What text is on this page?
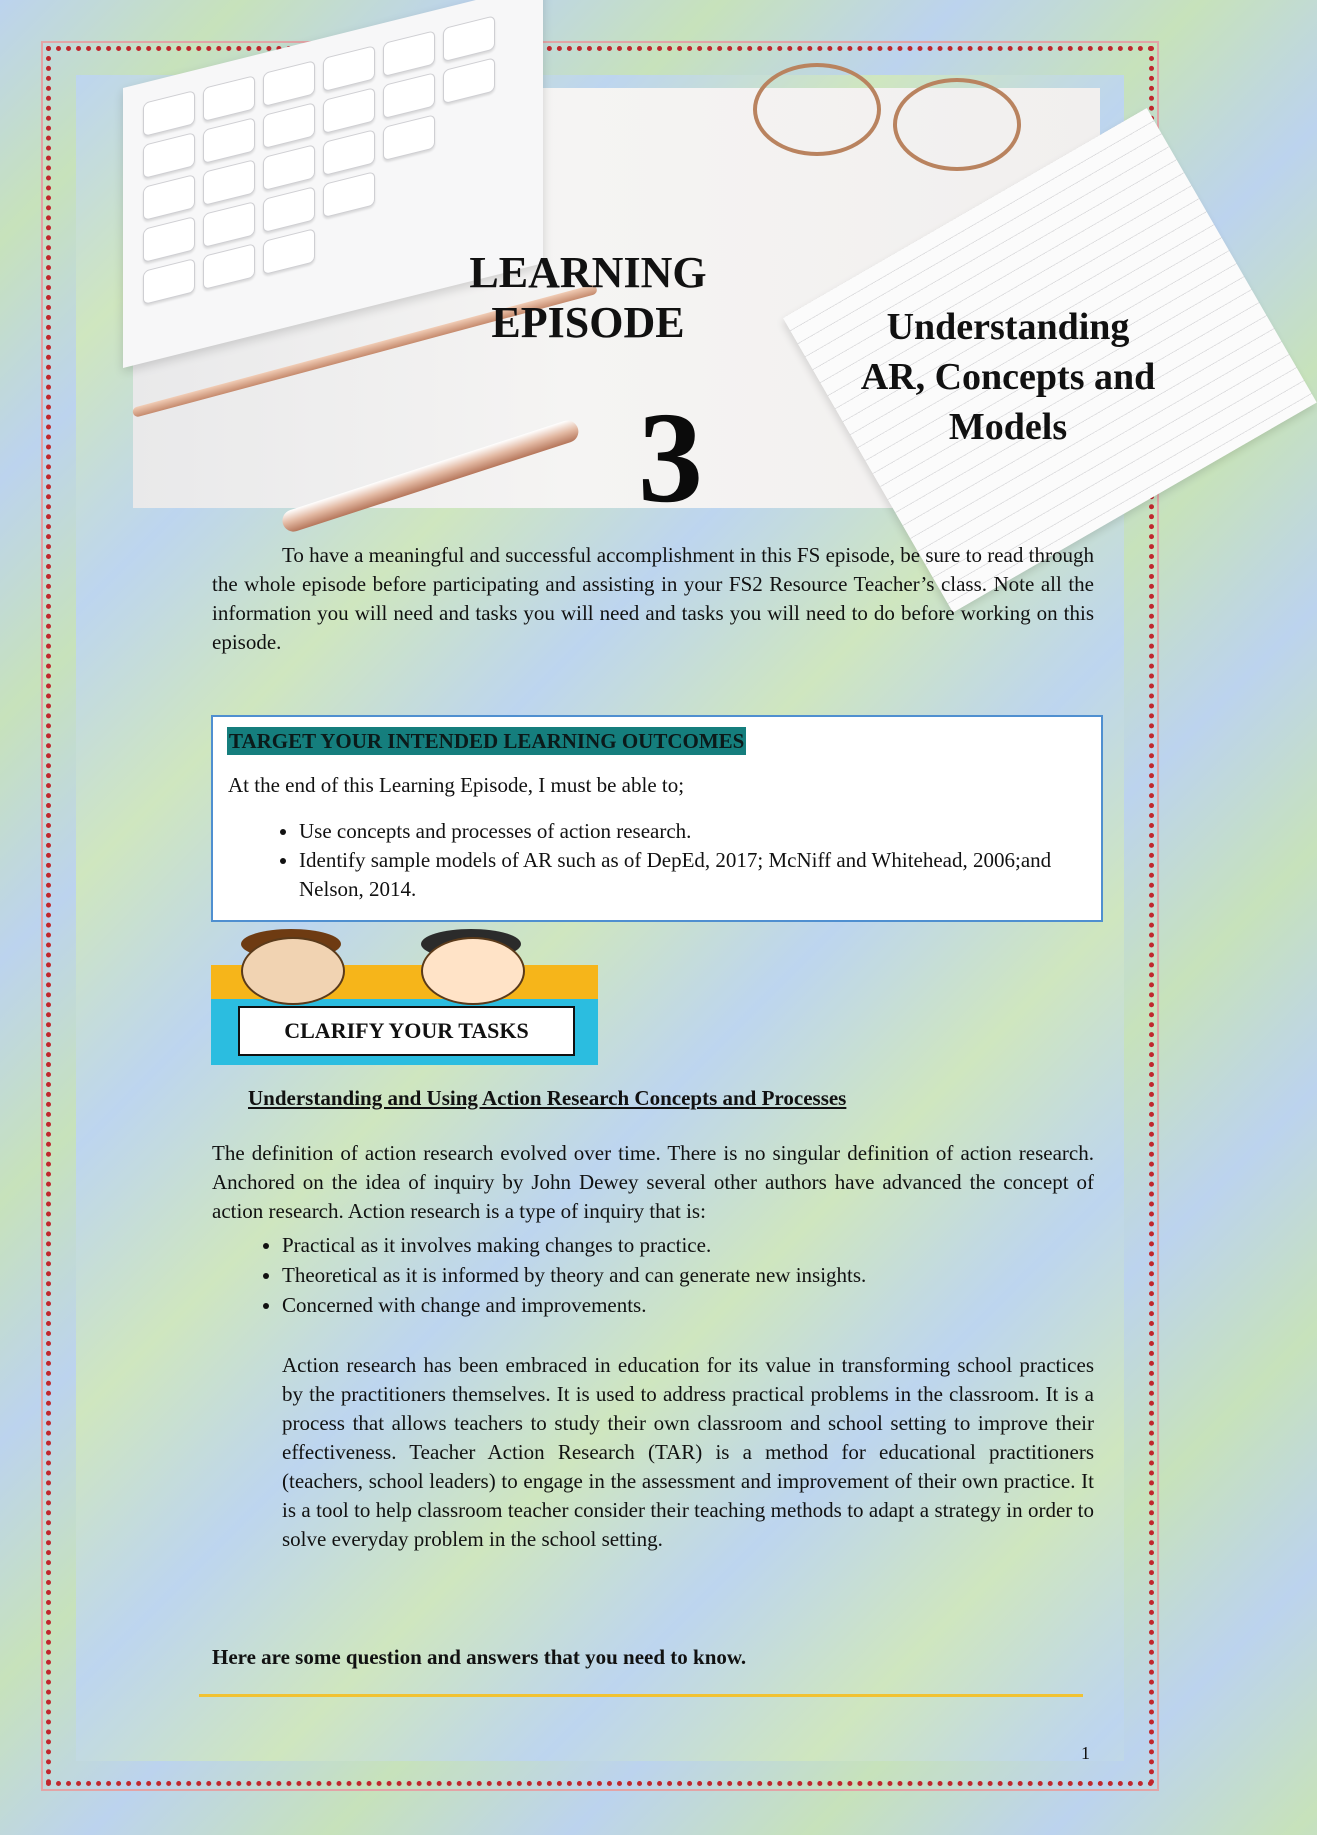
LEARNING
EPISODE
3
Understanding
AR, Concepts and
Models

To have a meaningful and successful accomplishment in this FS episode, be sure to read through the whole episode before participating and assisting in your FS2 Resource Teacher’s class. Note all the information you will need and tasks you will need and tasks you will need to do before working on this episode.

TARGET YOUR INTENDED LEARNING OUTCOMES

At the end of this Learning Episode, I must be able to;

• Use concepts and processes of action research.
• Identify sample models of AR such as of DepEd, 2017; McNiff and Whitehead, 2006;and Nelson, 2014.
CLARIFY YOUR TASKS

Understanding and Using Action Research Concepts and Processes

The definition of action research evolved over time. There is no singular definition of action research. Anchored on the idea of inquiry by John Dewey several other authors have advanced the concept of action research. Action research is a type of inquiry that is:

• Practical as it involves making changes to practice.
• Theoretical as it is informed by theory and can generate new insights.
• Concerned with change and improvements.

Action research has been embraced in education for its value in transforming school practices by the practitioners themselves. It is used to address practical problems in the classroom. It is a process that allows teachers to study their own classroom and school setting to improve their effectiveness. Teacher Action Research (TAR) is a method for educational practitioners (teachers, school leaders) to engage in the assessment and improvement of their own practice. It is a tool to help classroom teacher consider their teaching methods to adapt a strategy in order to solve everyday problem in the school setting.

Here are some question and answers that you need to know.

1
